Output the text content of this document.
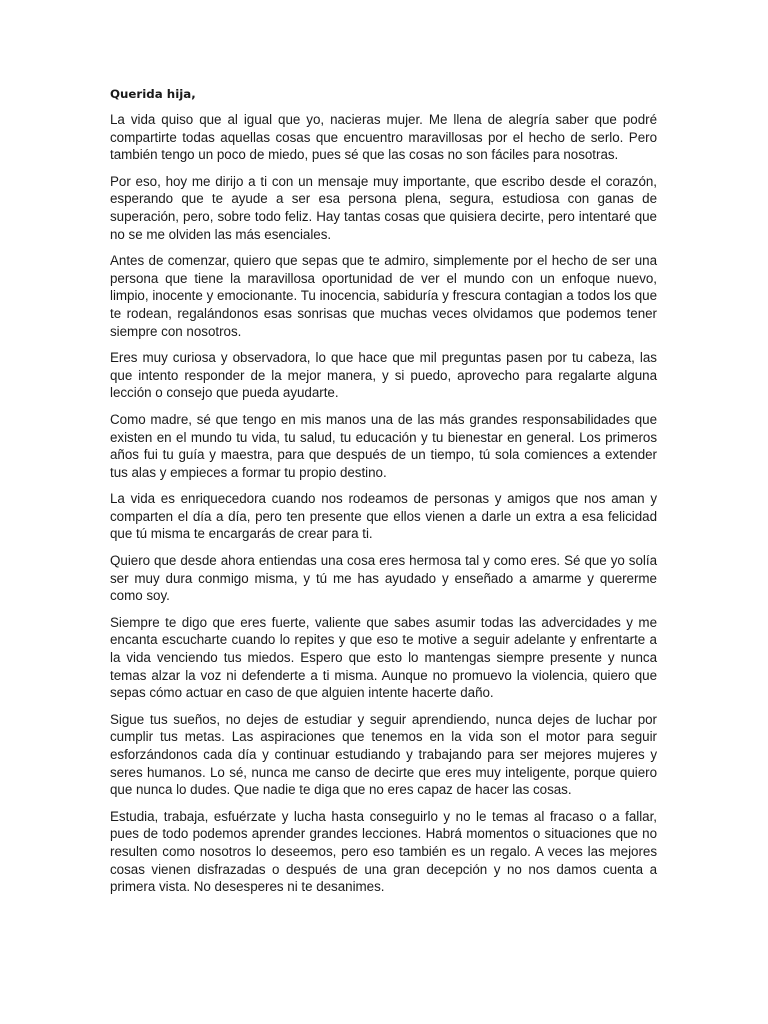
Querida hija,

La vida quiso que al igual que yo, nacieras mujer. Me llena de alegría saber que podré compartirte todas aquellas cosas que encuentro maravillosas por el hecho de serlo. Pero también tengo un poco de miedo, pues sé que las cosas no son fáciles para nosotras.

Por eso, hoy me dirijo a ti con un mensaje muy importante, que escribo desde el corazón, esperando que te ayude a ser esa persona plena, segura, estudiosa con ganas de superación, pero, sobre todo feliz. Hay tantas cosas que quisiera decirte, pero intentaré que no se me olviden las más esenciales.

Antes de comenzar, quiero que sepas que te admiro, simplemente por el hecho de ser una persona que tiene la maravillosa oportunidad de ver el mundo con un enfoque nuevo, limpio, inocente y emocionante. Tu inocencia, sabiduría y frescura contagian a todos los que te rodean, regalándonos esas sonrisas que muchas veces olvidamos que podemos tener siempre con nosotros.

Eres muy curiosa y observadora, lo que hace que mil preguntas pasen por tu cabeza, las que intento responder de la mejor manera, y si puedo, aprovecho para regalarte alguna lección o consejo que pueda ayudarte.

Como madre, sé que tengo en mis manos una de las más grandes responsabilidades que existen en el mundo tu vida, tu salud, tu educación y tu bienestar en general. Los primeros años fui tu guía y maestra, para que después de un tiempo, tú sola comiences a extender tus alas y empieces a formar tu propio destino.

La vida es enriquecedora cuando nos rodeamos de personas y amigos que nos aman y comparten el día a día, pero ten presente que ellos vienen a darle un extra a esa felicidad que tú misma te encargarás de crear para ti.

Quiero que desde ahora entiendas una cosa eres hermosa tal y como eres. Sé que yo solía ser muy dura conmigo misma, y tú me has ayudado y enseñado a amarme y quererme como soy.

Siempre te digo que eres fuerte, valiente que sabes asumir todas las advercidades y me encanta escucharte cuando lo repites y que eso te motive a seguir adelante y enfrentarte a la vida venciendo tus miedos. Espero que esto lo mantengas siempre presente y nunca temas alzar la voz ni defenderte a ti misma. Aunque no promuevo la violencia, quiero que sepas cómo actuar en caso de que alguien intente hacerte daño.

Sigue tus sueños, no dejes de estudiar y seguir aprendiendo, nunca dejes de luchar por cumplir tus metas. Las aspiraciones que tenemos en la vida son el motor para seguir esforzándonos cada día y continuar estudiando y trabajando para ser mejores mujeres y seres humanos. Lo sé, nunca me canso de decirte que eres muy inteligente, porque quiero que nunca lo dudes. Que nadie te diga que no eres capaz de hacer las cosas.

Estudia, trabaja, esfuérzate y lucha hasta conseguirlo y no le temas al fracaso o a fallar, pues de todo podemos aprender grandes lecciones. Habrá momentos o situaciones que no resulten como nosotros lo deseemos, pero eso también es un regalo. A veces las mejores cosas vienen disfrazadas o después de una gran decepción y no nos damos cuenta a primera vista. No desesperes ni te desanimes.
